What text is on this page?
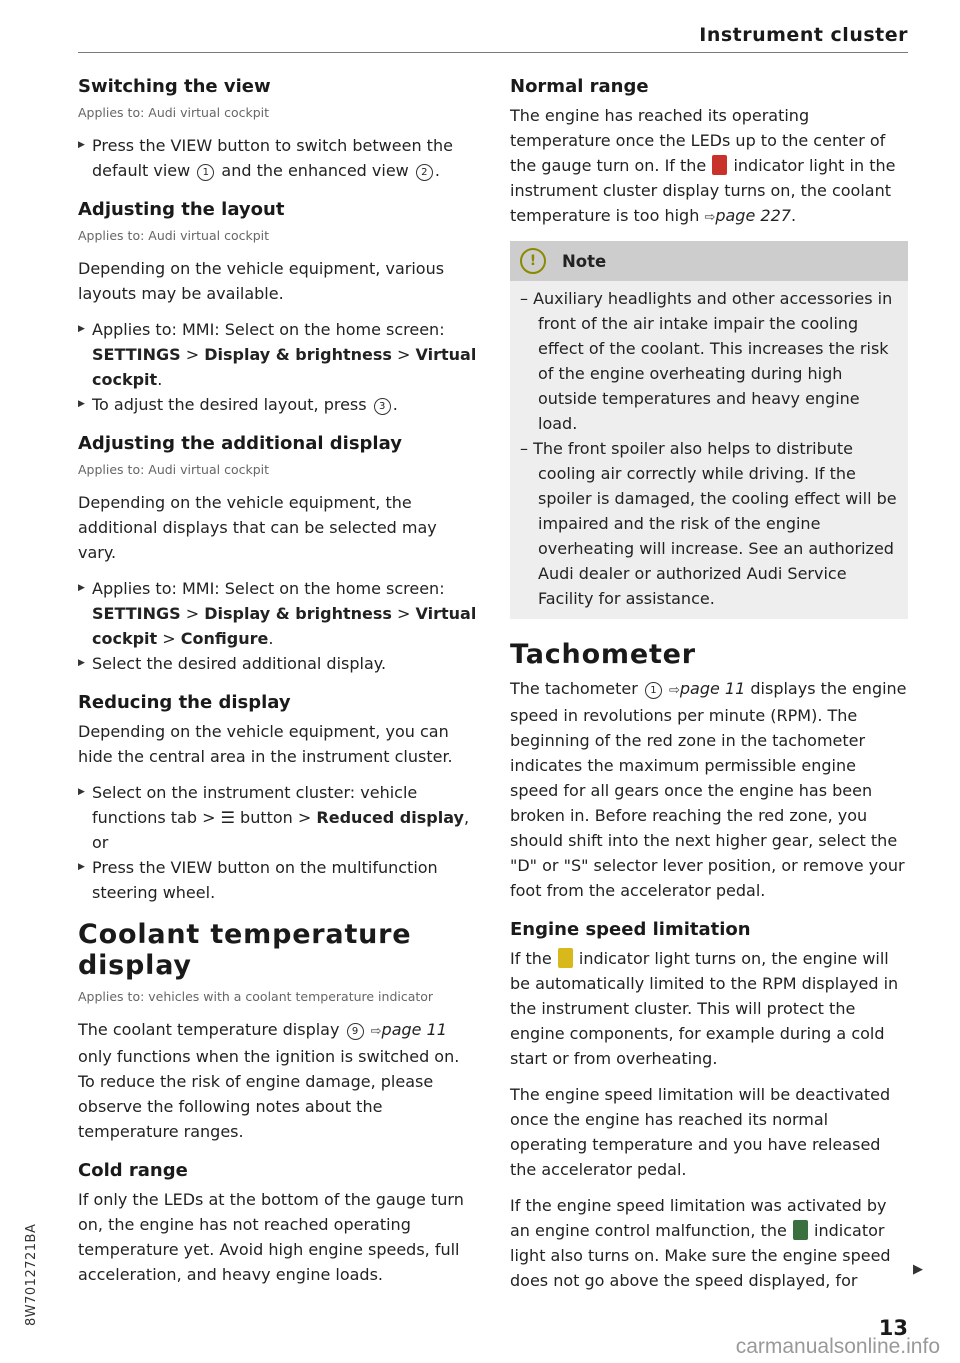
Instrument cluster
Switching the view
Applies to: Audi virtual cockpit
▶ Press the VIEW button to switch between the default view 1 and the enhanced view 2 .
Adjusting the layout
Applies to: Audi virtual cockpit

Depending on the vehicle equipment, various layouts may be available.

▶ Applies to: MMI: Select on the home screen: SETTINGS > Display & brightness > Virtual cockpit.
▶ To adjust the desired layout, press 3 .
Adjusting the additional display
Applies to: Audi virtual cockpit

Depending on the vehicle equipment, the additional displays that can be selected may vary.

▶ Applies to: MMI: Select on the home screen: SETTINGS > Display & brightness > Virtual cockpit > Configure.
▶ Select the desired additional display.
Reducing the display

Depending on the vehicle equipment, you can hide the central area in the instrument cluster.

▶ Select on the instrument cluster: vehicle functions tab > ☰ button > Reduced display, or
▶ Press the VIEW button on the multifunction steering wheel.
Coolant temperature display
Applies to: vehicles with a coolant temperature indicator

The coolant temperature display 9 ⇨page 11 only functions when the ignition is switched on. To reduce the risk of engine damage, please observe the following notes about the temperature ranges.

Cold range

If only the LEDs at the bottom of the gauge turn on, the engine has not reached operating temperature yet. Avoid high engine speeds, full acceleration, and heavy engine loads.

Normal range

The engine has reached its operating temperature once the LEDs up to the center of the gauge turn on. If the indicator light in the instrument cluster display turns on, the coolant temperature is too high ⇨page 227.

!	Note
– Auxiliary headlights and other accessories in front of the air intake impair the cooling effect of the coolant. This increases the risk of the engine overheating during high outside temperatures and heavy engine load.
– The front spoiler also helps to distribute cooling air correctly while driving. If the spoiler is damaged, the cooling effect will be impaired and the risk of the engine overheating will increase. See an authorized Audi dealer or authorized Audi Service Facility for assistance.
Tachometer

The tachometer 1 ⇨page 11 displays the engine speed in revolutions per minute (RPM). The beginning of the red zone in the tachometer indicates the maximum permissible engine speed for all gears once the engine has been broken in. Before reaching the red zone, you should shift into the next higher gear, select the "D" or "S" selector lever position, or remove your foot from the accelerator pedal.

Engine speed limitation

If the indicator light turns on, the engine will be automatically limited to the RPM displayed in the instrument cluster. This will protect the engine components, for example during a cold start or from overheating.

The engine speed limitation will be deactivated once the engine has reached its normal operating temperature and you have released the accelerator pedal.

If the engine speed limitation was activated by an engine control malfunction, the indicator light also turns on. Make sure the engine speed does not go above the speed displayed, for

▶
8W7012721BA
13
carmanualsonline.info
